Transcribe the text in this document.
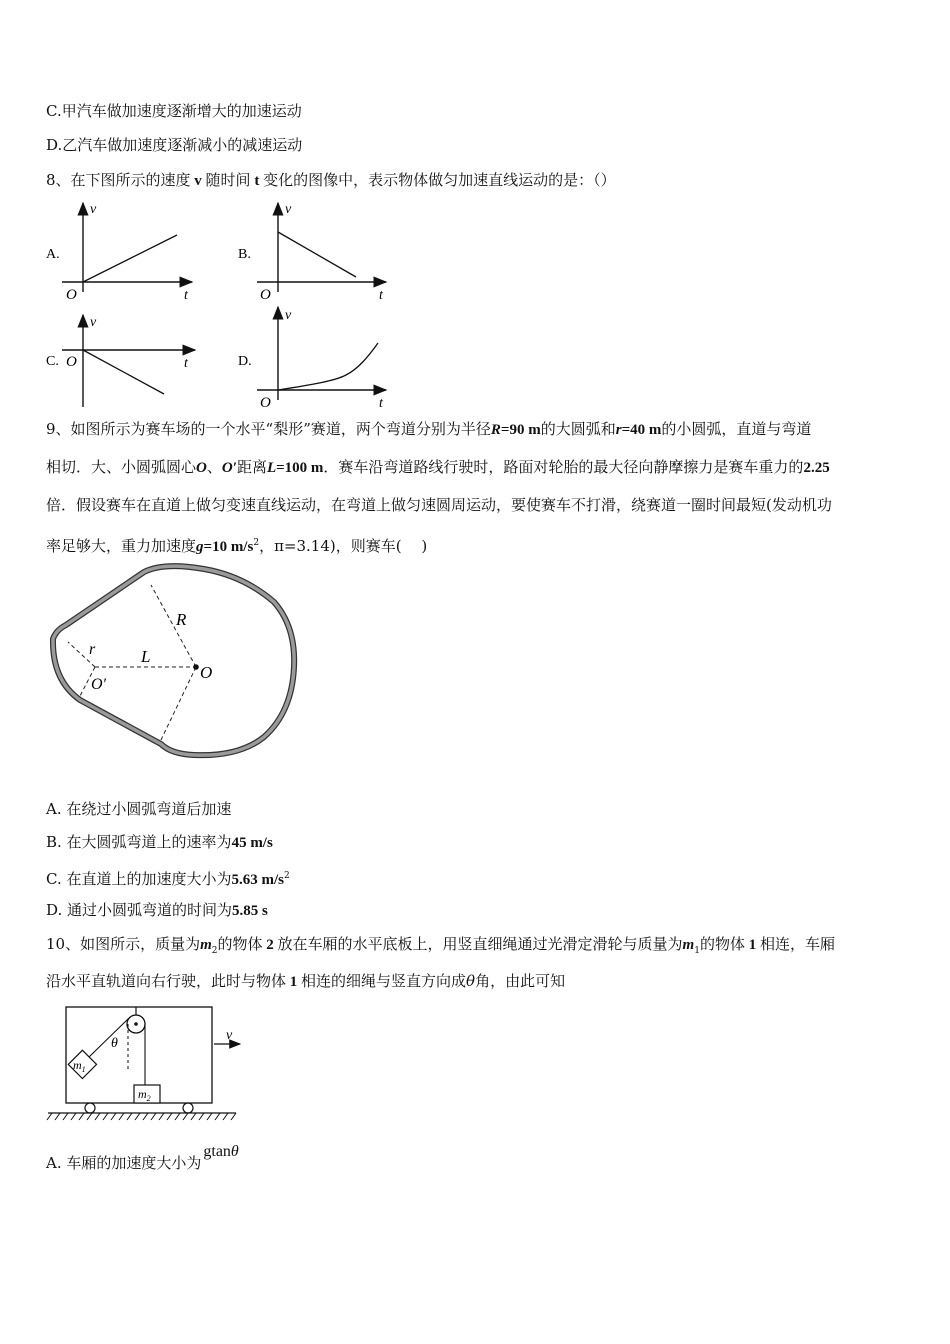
C.甲汽车做加速度逐渐增大的加速运动
D.乙汽车做加速度逐渐减小的减速运动
8、在下图所示的速度 v 随时间 t 变化的图像中，表示物体做匀加速直线运动的是：（）
A.
v
t
O
B.
v
t
O
C.
v
t
O	D.
v
t
O
9、如图所示为赛车场的一个水平“梨形”赛道，两个弯道分别为半径R=90 m的大圆弧和r=40 m的小圆弧，直道与弯道
相切．大、小圆弧圆心O、O′距离L=100 m．赛车沿弯道路线行驶时，路面对轮胎的最大径向静摩擦力是赛车重力的2.25
倍．假设赛车在直道上做匀变速直线运动，在弯道上做匀速圆周运动，要使赛车不打滑，绕赛道一圈时间最短(发动机功
率足够大，重力加速度g=10 $m/s^2$，π=3.14)，则赛车(　 )
R
r	L
O
O′
A. 在绕过小圆弧弯道后加速
B. 在大圆弧弯道上的速率为45 m/s
C. 在直道上的加速度大小为5.63 $m/s^2$
D. 通过小圆弧弯道的时间为5.85 s
10、如图所示，质量为$m_2$的物体 2 放在车厢的水平底板上，用竖直细绳通过光滑定滑轮与质量为$m_1$的物体 1 相连，车厢
沿水平直轨道向右行驶，此时与物体 1 相连的细绳与竖直方向成θ角，由此可知
$m_1$
$m_2$
θ
v
A. 车厢的加速度大小为gtanθ
